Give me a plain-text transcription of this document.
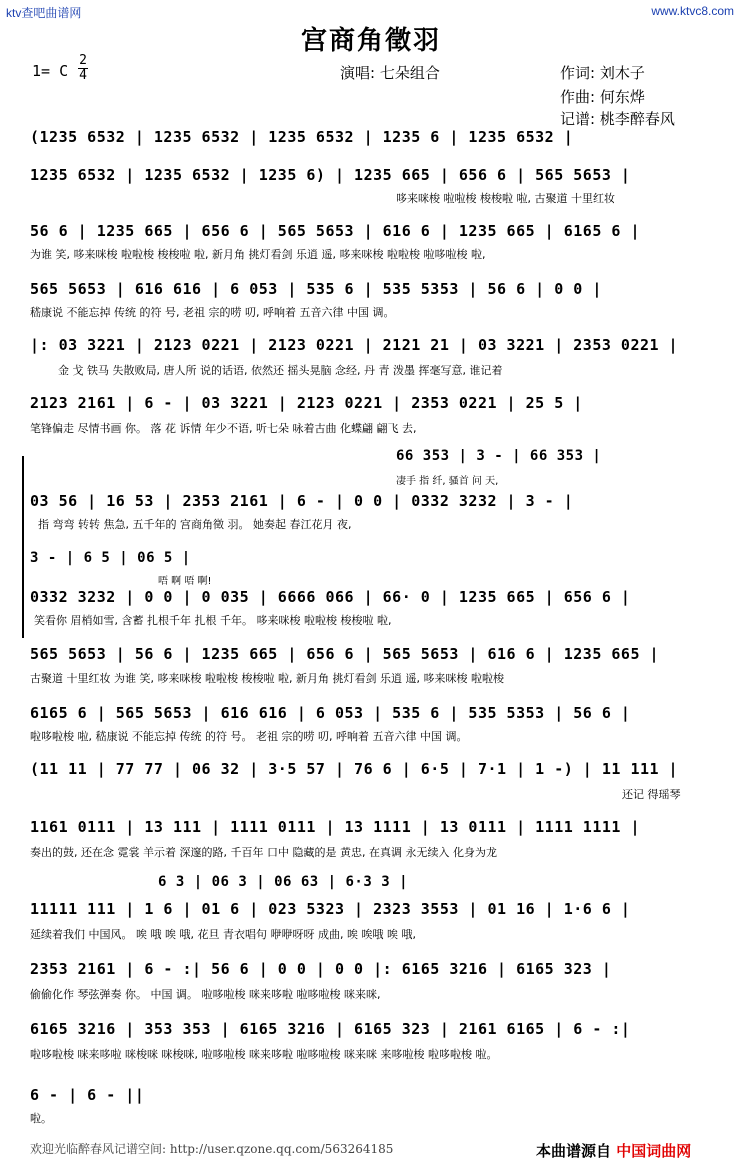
ktv查吧曲谱网	www.ktvc8.com
宫商角徵羽
1= C
2
4	演唱: 七朵组合	作词: 刘木子
作曲: 何东烨
记谱: 桃李醉春风
(1235 6532 | 1235 6532 | 1235 6532 | 1235 6 | 1235 6532 |
1235 6532 | 1235 6532 | 1235 6) | 1235 665 | 656 6 | 565 5653 |
哆来咪梭 啦啦梭 梭梭啦 啦, 古聚道 十里红妆
56 6 | 1235 665 | 656 6 | 565 5653 | 616 6 | 1235 665 | 6165 6 |
为谁 笑, 哆来咪梭 啦啦梭 梭梭啦 啦, 新月角 挑灯看剑 乐逍 遥, 哆来咪梭 啦啦梭 啦哆啦梭 啦,
565 5653 | 616 616 | 6 053 | 535 6 | 535 5353 | 56 6 | 0 0 |
嵇康说 不能忘掉 传统 的符 号, 老祖 宗的唠 叨, 呼响着 五音六律 中国 调。
|: 03 3221 | 2123 0221 | 2123 0221 | 2121 21 | 03 3221 | 2353 0221 |
金 戈 铁马 失散败局, 唐人所 说的话语, 依然还 摇头晃脑 念经, 丹 青 泼墨 挥毫写意, 谁记着
2123 2161 | 6 - | 03 3221 | 2123 0221 | 2353 0221 | 25 5 |
笔锋偏走 尽情书画 你。 落 花 诉情 年少不语, 听七朵 咏着古曲 化蝶翩 翩飞 去,
66 353 | 3 - | 66 353 |
凄手 指 纤, 骚首 问 天,
03 56 | 16 53 | 2353 2161 | 6 - | 0 0 | 0332 3232 | 3 - |
指 弯弯 转转 焦急, 五千年的 宫商角徵 羽。 她奏起 春江花月 夜,
3 - | 6 5 | 06 5 |
唔 啊 唔 啊!
0332 3232 | 0 0 | 0 035 | 6666 066 | 66· 0 | 1235 665 | 656 6 |
笑看你 眉梢如雪, 含蓄 扎根千年 扎根 千年。 哆来咪梭 啦啦梭 梭梭啦 啦,
565 5653 | 56 6 | 1235 665 | 656 6 | 565 5653 | 616 6 | 1235 665 |
古聚道 十里红妆 为谁 笑, 哆来咪梭 啦啦梭 梭梭啦 啦, 新月角 挑灯看剑 乐逍 遥, 哆来咪梭 啦啦梭
6165 6 | 565 5653 | 616 616 | 6 053 | 535 6 | 535 5353 | 56 6 |
啦哆啦梭 啦, 嵇康说 不能忘掉 传统 的符 号。 老祖 宗的唠 叨, 呼响着 五音六律 中国 调。
(11 11 | 77 77 | 06 32 | 3·5 57 | 76 6 | 6·5 | 7·1 | 1 -) | 11 111 |
还记 得瑶琴
1161 0111 | 13 111 | 1111 0111 | 13 1111 | 13 0111 | 1111 1111 |
奏出的鼓, 还在念 霓裳 羊示着 深邃的路, 千百年 口中 隐藏的是 黄忠, 在真调 永无续入 化身为龙
6 3 | 06 3 | 06 63 | 6·3 3 |
11111 111 | 1 6 | 01 6 | 023 5323 | 2323 3553 | 01 16 | 1·6 6 |
延续着我们 中国风。 唉 哦 唉 哦, 花旦 青衣唱句 咿咿呀呀 成曲, 唉 唉哦 唉 哦,
2353 2161 | 6 - :| 56 6 | 0 0 | 0 0 |: 6165 3216 | 6165 323 |
偷偷化作 琴弦弹奏 你。 中国 调。 啦哆啦梭 咪来哆啦 啦哆啦梭 咪来咪,
6165 3216 | 353 353 | 6165 3216 | 6165 323 | 2161 6165 | 6 - :|
啦哆啦梭 咪来哆啦 咪梭咪 咪梭咪, 啦哆啦梭 咪来哆啦 啦哆啦梭 咪来咪 来哆啦梭 啦哆啦梭 啦。
6 - | 6 - ||
啦。
欢迎光临醉春风记谱空间: http://user.qzone.qq.com/563264185	本曲谱源自 中国词曲网
